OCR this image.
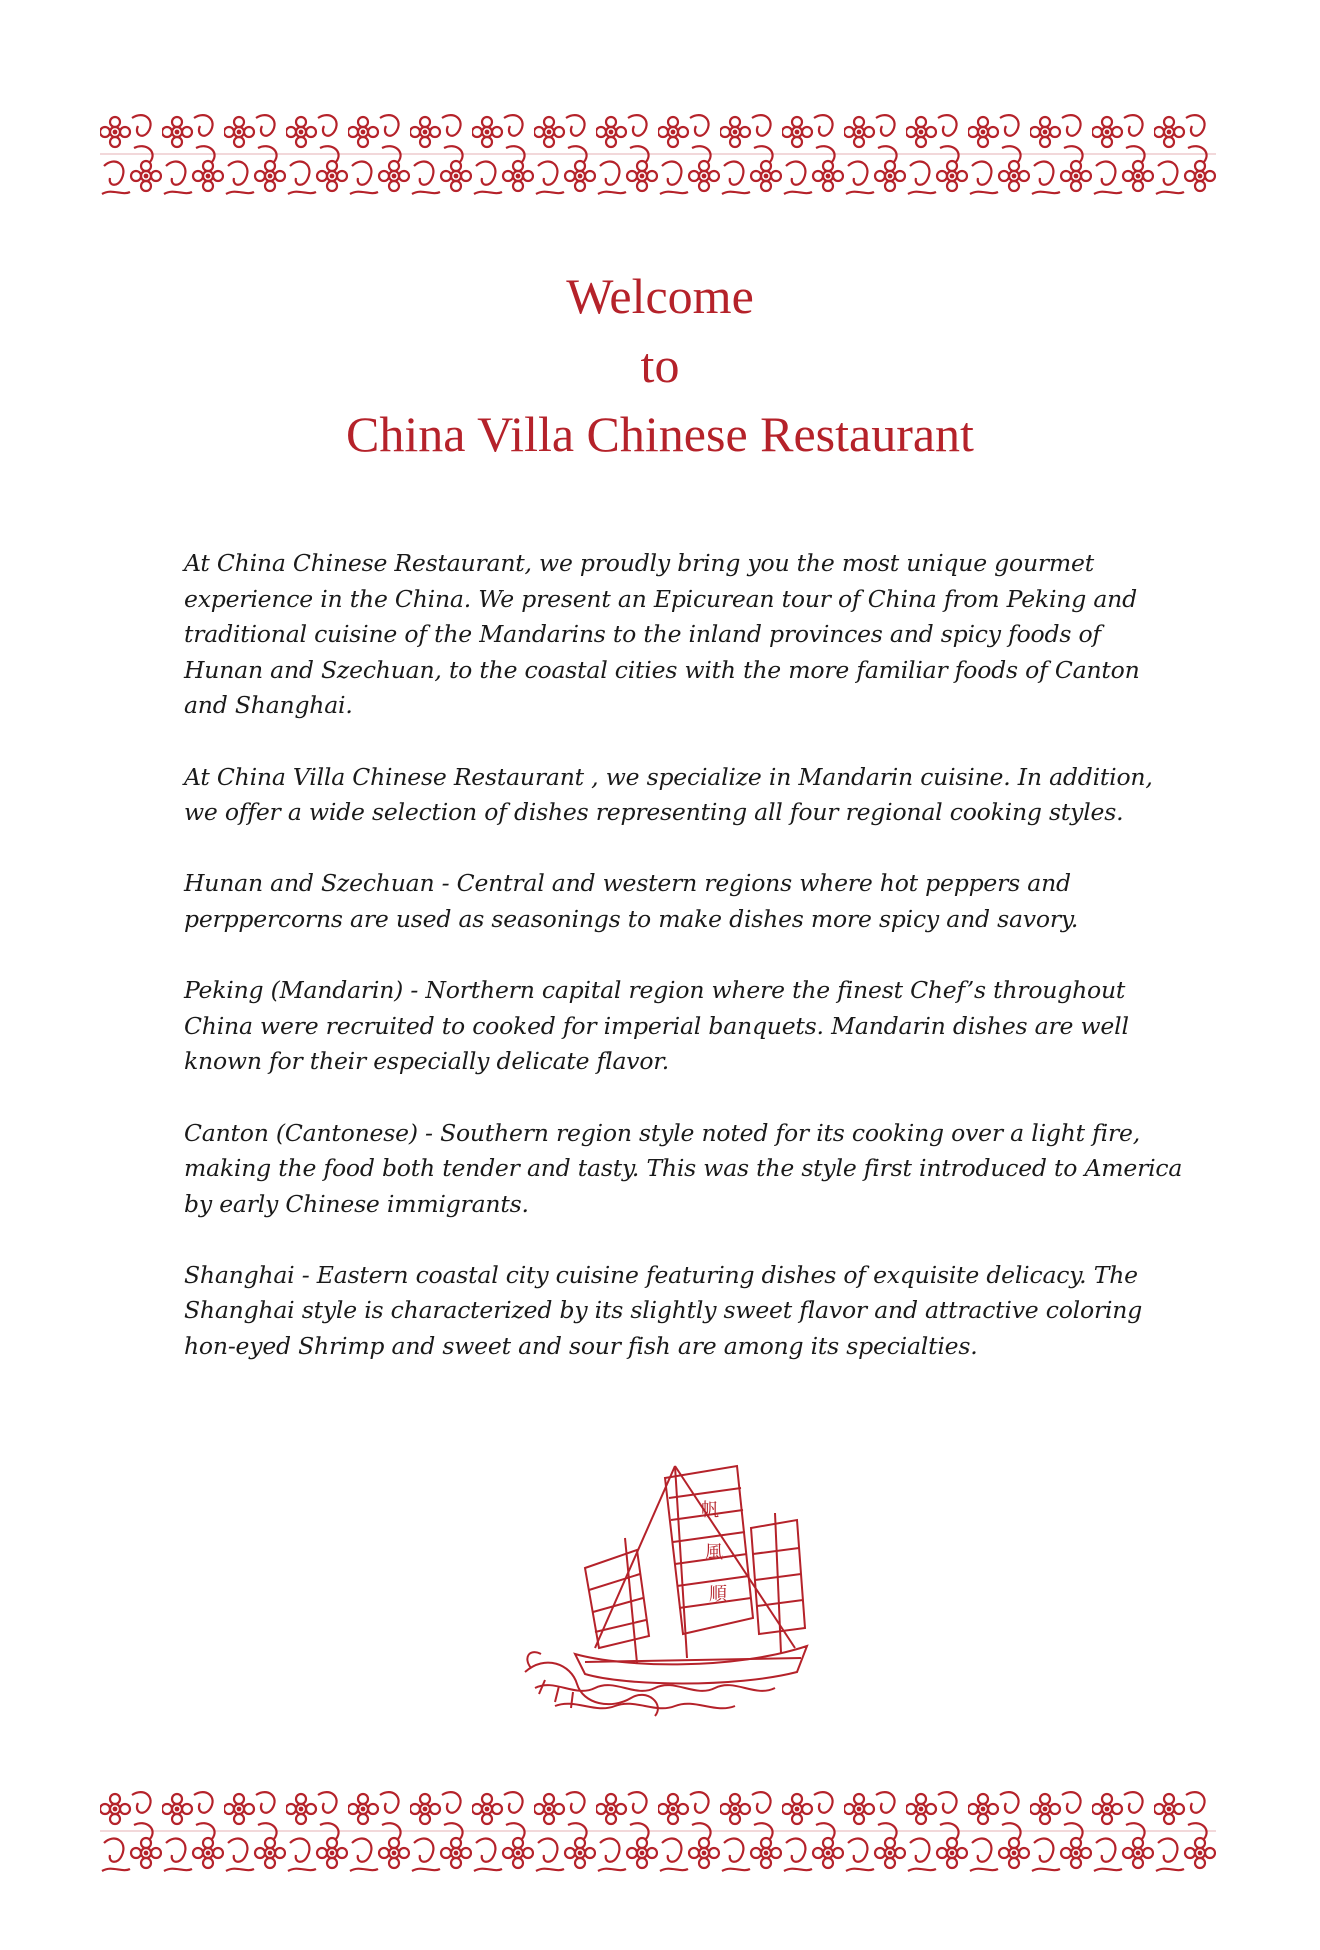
Welcome
to
China Villa Chinese Restaurant

At China Chinese Restaurant, we proudly bring you the most unique gourmet experience in the China. We present an Epicurean tour of China from Peking and traditional cuisine of the Mandarins to the inland provinces and spicy foods of Hunan and Szechuan, to the coastal cities with the more familiar foods of Canton and Shanghai.

At China Villa Chinese Restaurant , we specialize in Mandarin cuisine. In addition, we offer a wide selection of dishes representing all four regional cooking styles.

Hunan and Szechuan - Central and western regions where hot peppers and perppercorns are used as seasonings to make dishes more spicy and savory.

Peking (Mandarin) - Northern capital region where the finest Chef’s throughout China were recruited to cooked for imperial banquets. Mandarin dishes are well known for their especially delicate flavor.

Canton (Cantonese) - Southern region style noted for its cooking over a light fire, making the food both tender and tasty. This was the style first introduced to America by early Chinese immigrants.

Shanghai - Eastern coastal city cuisine featuring dishes of exquisite delicacy. The Shanghai style is characterized by its slightly sweet flavor and attractive coloring hon-eyed Shrimp and sweet and sour fish are among its specialties.

帆
風
順
